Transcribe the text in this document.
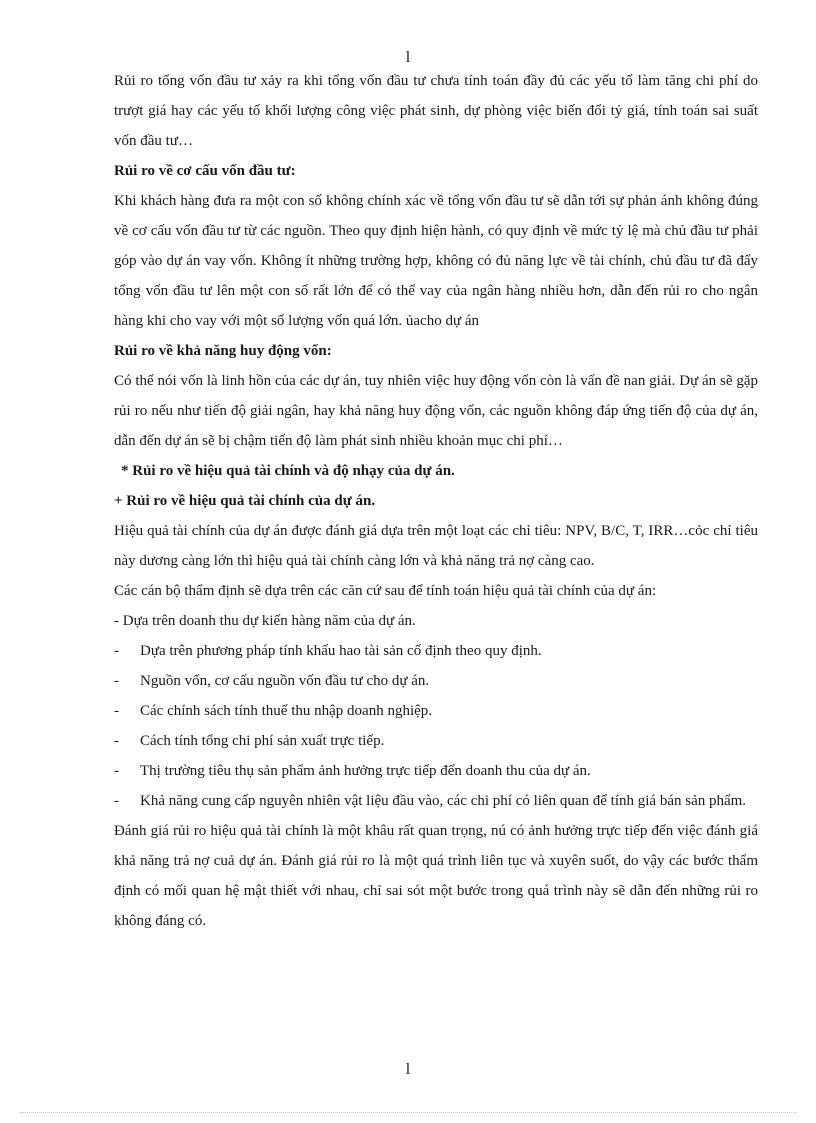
l

Rủi ro tổng vốn đầu tư xảy ra khi tổng vốn đầu tư chưa tính toán đầy đủ các yếu tố làm tăng chi phí do trượt giá hay các yếu tố khối lượng công việc phát sinh, dự phòng việc biến đổi tỷ giá, tính toán sai suất vốn đầu tư…

Rủi ro về cơ cấu vốn đầu tư:

Khi khách hàng đưa ra một con số không chính xác về tổng vốn đầu tư sẽ dẫn tới sự phản ánh không đúng về cơ cấu vốn đầu tư từ các nguồn. Theo quy định hiện hành, có quy định về mức tỷ lệ mà chủ đầu tư phải góp vào dự án vay vốn. Không ít những trường hợp, không có đủ năng lực về tài chính, chủ đầu tư đã đẩy tổng vốn đầu tư lên một con số rất lớn để có thể vay của ngân hàng nhiều hơn, dẫn đến rủi ro cho ngân hàng khi cho vay với một số lượng vốn quá lớn. ủacho dự án

Rủi ro về khả năng huy động vốn:

Có thể nói vốn là linh hồn của các dự án, tuy nhiên việc huy động vốn còn là vấn đề nan giải. Dự án sẽ gặp rủi ro nếu như tiến độ giải ngân, hay khả năng huy động vốn, các nguồn không đáp ứng tiến độ của dự án, dẫn đến dự án sẽ bị chậm tiến độ làm phát sinh nhiều khoản mục chi phí…

* Rủi ro về hiệu quả tài chính và độ nhạy của dự án.

+ Rủi ro về hiệu quả tài chính của dự án.

Hiệu quả tài chính của dự án được đánh giá dựa trên một loạt các chỉ tiêu: NPV, B/C, T, IRR…cỏc chỉ tiêu này dương càng lớn thì hiệu quả tài chính càng lớn và khả năng trả nợ càng cao.

Các cán bộ thẩm định sẽ dựa trên các căn cứ sau để tính toán hiệu quả tài chính của dự án:

- Dựa trên doanh thu dự kiến hàng năm của dự án.

-	Dựa trên phương pháp tính khấu hao tài sản cố định theo quy định.
-	Nguồn vốn, cơ cấu nguồn vốn đầu tư cho dự án.
-	Các chính sách tính thuế thu nhập doanh nghiệp.
-	Cách tính tổng chi phí sản xuất trực tiếp.
-	Thị trường tiêu thụ sản phẩm ảnh hưởng trực tiếp đến doanh thu của dự án.
-	Khả năng cung cấp nguyên nhiên vật liệu đầu vào, các chi phí có liên quan để tính giá bán sản phẩm.

Đánh giá rủi ro hiệu quả tài chính là một khâu rất quan trọng, nú có ảnh hưởng trực tiếp đến việc đánh giá khả năng trả nợ cuả dự án. Đánh giá rủi ro là một quá trình liên tục và xuyên suốt, do vậy các bước thẩm định có mối quan hệ mật thiết với nhau, chỉ sai sót một bước trong quá trình này sẽ dẫn đến những rủi ro không đáng có.

l
